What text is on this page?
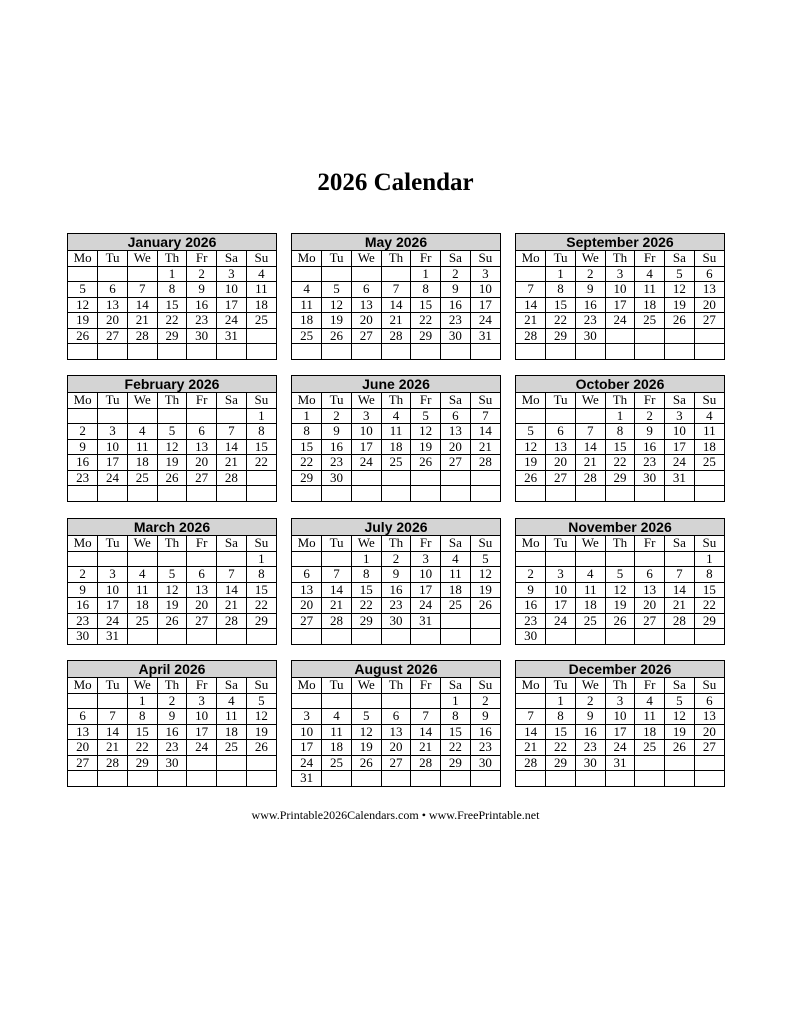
2026 Calendar
January 2026
Mo	Tu	We	Th	Fr	Sa	Su
			1	2	3	4
5	6	7	8	9	10	11
12	13	14	15	16	17	18
19	20	21	22	23	24	25
26	27	28	29	30	31	

May 2026
Mo	Tu	We	Th	Fr	Sa	Su
				1	2	3
4	5	6	7	8	9	10
11	12	13	14	15	16	17
18	19	20	21	22	23	24
25	26	27	28	29	30	31

September 2026
Mo	Tu	We	Th	Fr	Sa	Su
	1	2	3	4	5	6
7	8	9	10	11	12	13
14	15	16	17	18	19	20
21	22	23	24	25	26	27
28	29	30				

February 2026
Mo	Tu	We	Th	Fr	Sa	Su
						1
2	3	4	5	6	7	8
9	10	11	12	13	14	15
16	17	18	19	20	21	22
23	24	25	26	27	28	

June 2026
Mo	Tu	We	Th	Fr	Sa	Su
1	2	3	4	5	6	7
8	9	10	11	12	13	14
15	16	17	18	19	20	21
22	23	24	25	26	27	28
29	30					

October 2026
Mo	Tu	We	Th	Fr	Sa	Su
			1	2	3	4
5	6	7	8	9	10	11
12	13	14	15	16	17	18
19	20	21	22	23	24	25
26	27	28	29	30	31	

March 2026
Mo	Tu	We	Th	Fr	Sa	Su
						1
2	3	4	5	6	7	8
9	10	11	12	13	14	15
16	17	18	19	20	21	22
23	24	25	26	27	28	29
30	31					
July 2026
Mo	Tu	We	Th	Fr	Sa	Su
		1	2	3	4	5
6	7	8	9	10	11	12
13	14	15	16	17	18	19
20	21	22	23	24	25	26
27	28	29	30	31		

November 2026
Mo	Tu	We	Th	Fr	Sa	Su
						1
2	3	4	5	6	7	8
9	10	11	12	13	14	15
16	17	18	19	20	21	22
23	24	25	26	27	28	29
30						
April 2026
Mo	Tu	We	Th	Fr	Sa	Su
		1	2	3	4	5
6	7	8	9	10	11	12
13	14	15	16	17	18	19
20	21	22	23	24	25	26
27	28	29	30			

August 2026
Mo	Tu	We	Th	Fr	Sa	Su
					1	2
3	4	5	6	7	8	9
10	11	12	13	14	15	16
17	18	19	20	21	22	23
24	25	26	27	28	29	30
31						
December 2026
Mo	Tu	We	Th	Fr	Sa	Su
	1	2	3	4	5	6
7	8	9	10	11	12	13
14	15	16	17	18	19	20
21	22	23	24	25	26	27
28	29	30	31			

www.Printable2026Calendars.com • www.FreePrintable.net
